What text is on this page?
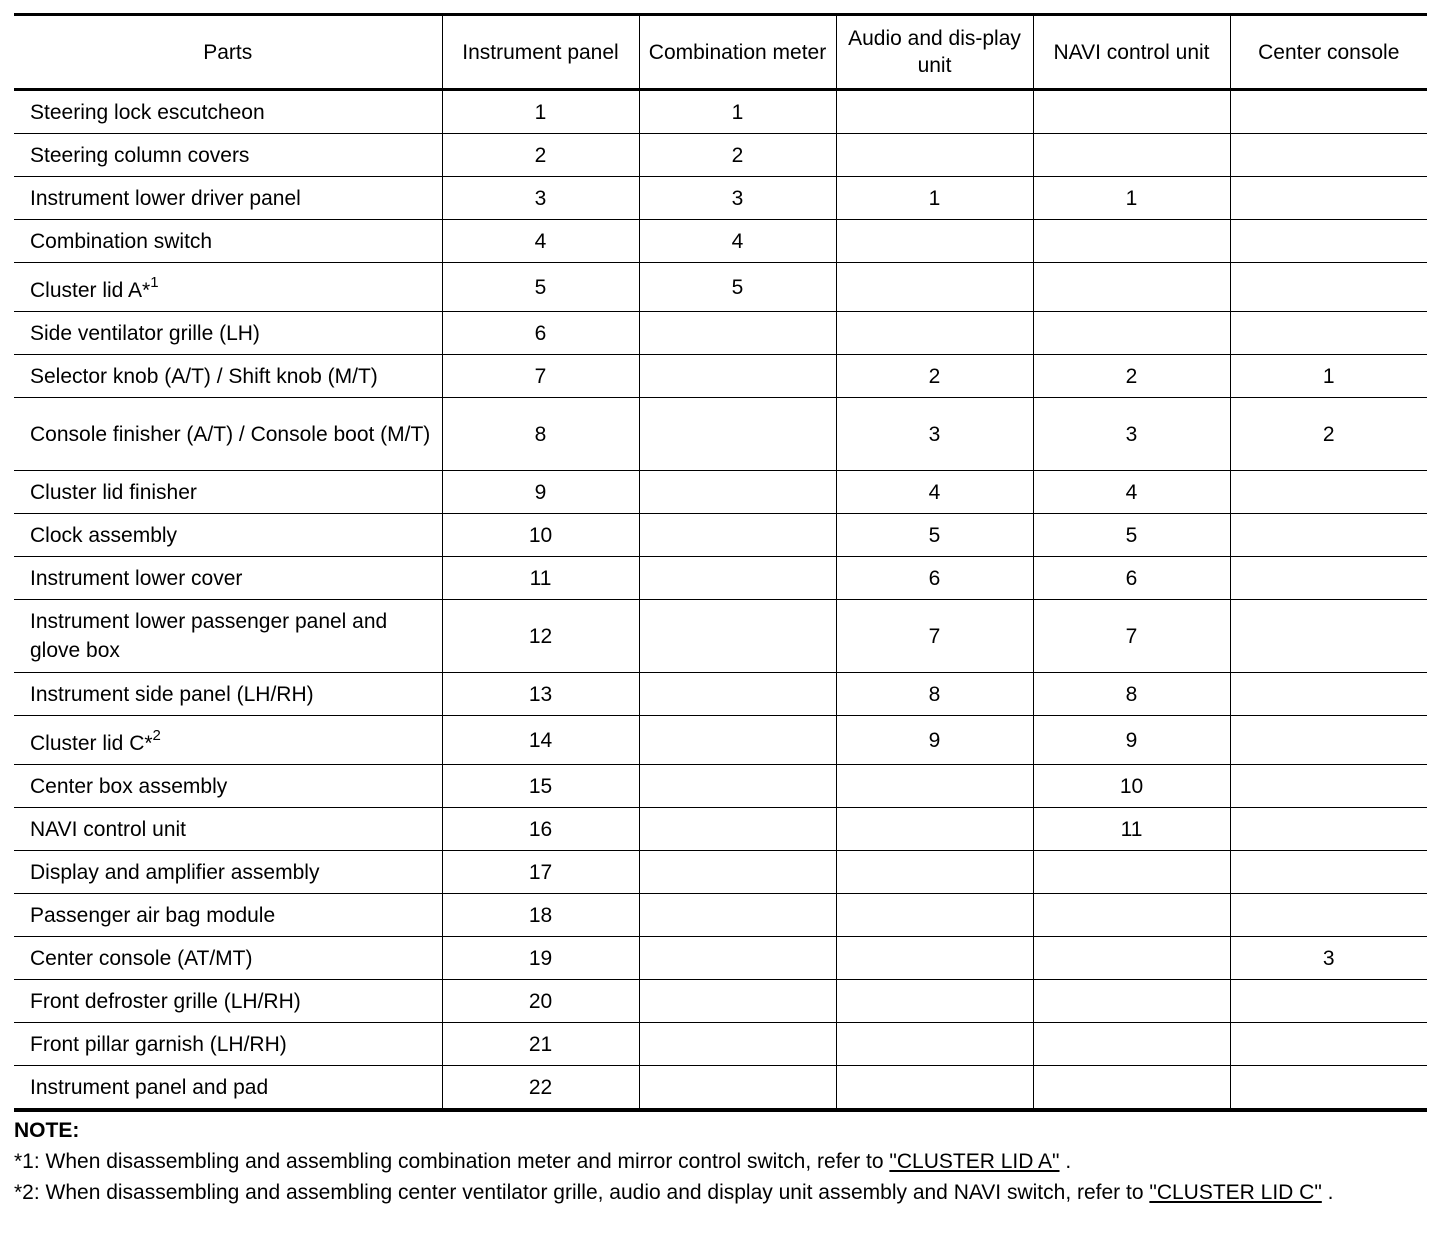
Parts	Instrument panel	Combination meter	Audio and dis-play unit	NAVI control unit	Center console
Steering lock escutcheon	1	1			
Steering column covers	2	2			
Instrument lower driver panel	3	3	1	1	
Combination switch	4	4			
Cluster lid A*$^1$	5	5			
Side ventilator grille (LH)	6				
Selector knob (A/T) / Shift knob (M/T)	7		2	2	1
Console finisher (A/T) / Console boot (M/T)	8		3	3	2
Cluster lid finisher	9		4	4	
Clock assembly	10		5	5	
Instrument lower cover	11		6	6	
Instrument lower passenger panel and glove box	12		7	7	
Instrument side panel (LH/RH)	13		8	8	
Cluster lid C*$^2$	14		9	9	
Center box assembly	15			10	
NAVI control unit	16			11	
Display and amplifier assembly	17				
Passenger air bag module	18				
Center console (AT/MT)	19				3
Front defroster grille (LH/RH)	20				
Front pillar garnish (LH/RH)	21				
Instrument panel and pad	22				
NOTE:
*1: When disassembling and assembling combination meter and mirror control switch, refer to "CLUSTER LID A" .
*2: When disassembling and assembling center ventilator grille, audio and display unit assembly and NAVI switch, refer to "CLUSTER LID C" .
